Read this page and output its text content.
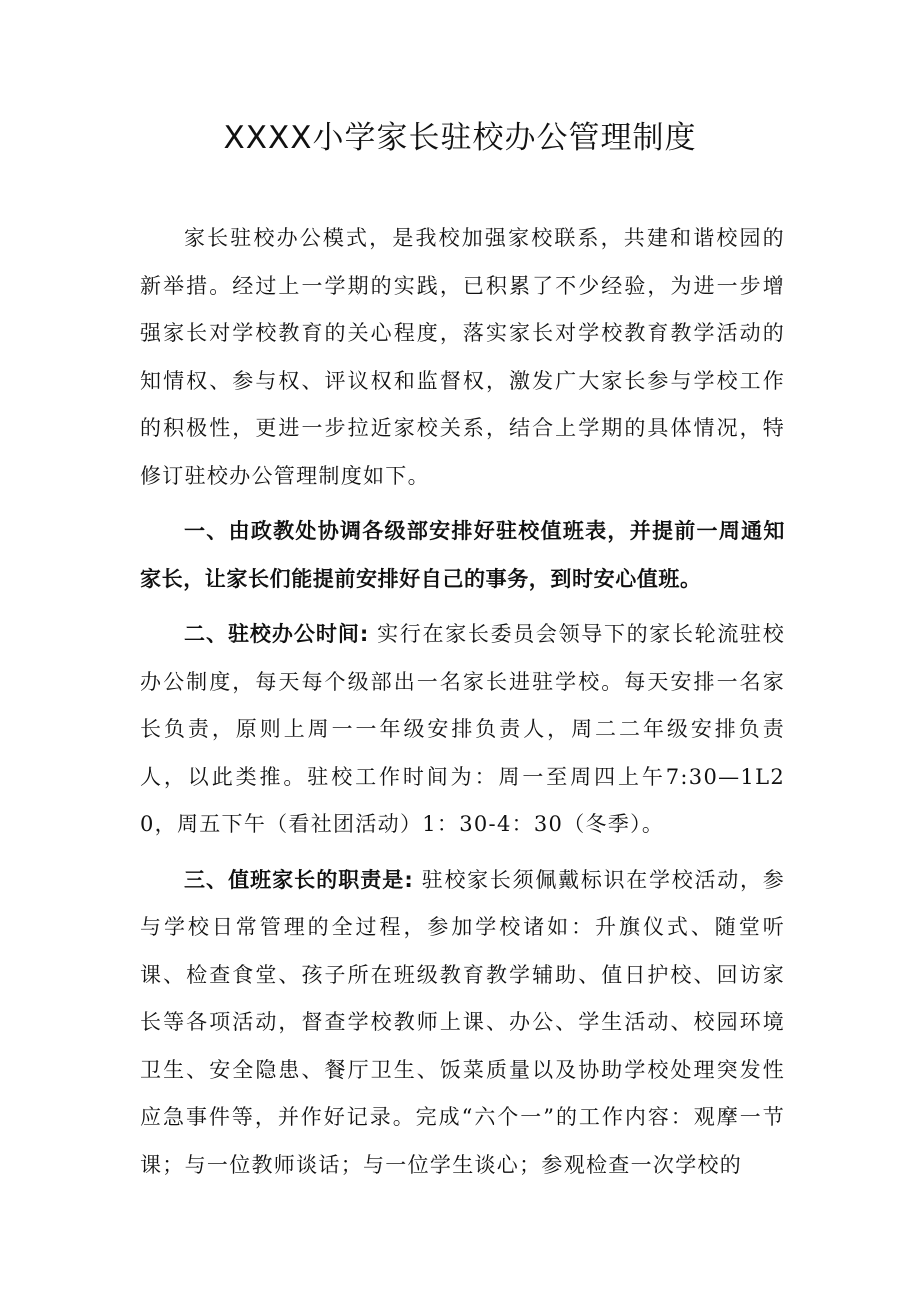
XXXX小学家长驻校办公管理制度

家长驻校办公模式，是我校加强家校联系，共建和谐校园的新举措。经过上一学期的实践，已积累了不少经验，为进一步增强家长对学校教育的关心程度，落实家长对学校教育教学活动的知情权、参与权、评议权和监督权，激发广大家长参与学校工作的积极性，更进一步拉近家校关系，结合上学期的具体情况，特修订驻校办公管理制度如下。

一、由政教处协调各级部安排好驻校值班表，并提前一周通知家长，让家长们能提前安排好自己的事务，到时安心值班。

二、驻校办公时间: 实行在家长委员会领导下的家长轮流驻校办公制度，每天每个级部出一名家长进驻学校。每天安排一名家长负责，原则上周一一年级安排负责人，周二二年级安排负责人，以此类推。驻校工作时间为：周一至周四上午7:30—1L20，周五下午（看社团活动）1：30-4：30（冬季）。

三、值班家长的职责是: 驻校家长须佩戴标识在学校活动，参与学校日常管理的全过程，参加学校诸如：升旗仪式、随堂听课、检查食堂、孩子所在班级教育教学辅助、值日护校、回访家长等各项活动，督查学校教师上课、办公、学生活动、校园环境卫生、安全隐患、餐厅卫生、饭菜质量以及协助学校处理突发性应急事件等，并作好记录。完成“六个一”的工作内容：观摩一节课；与一位教师谈话；与一位学生谈心；参观检查一次学校的
